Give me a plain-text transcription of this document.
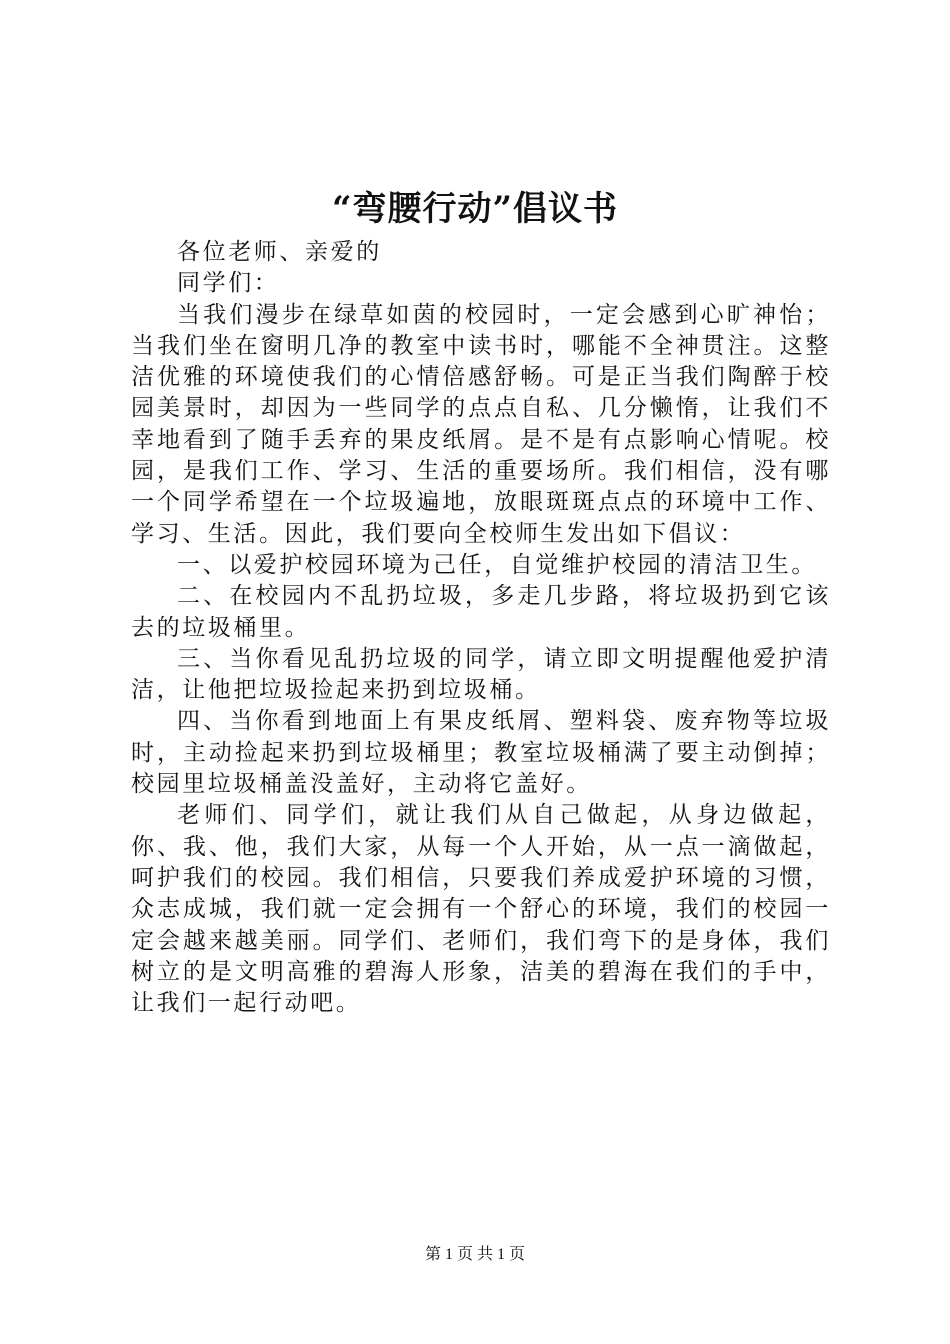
“弯腰行动”倡议书

各位老师、亲爱的

同学们：

当我们漫步在绿草如茵的校园时，一定会感到心旷神怡；当我们坐在窗明几净的教室中读书时，哪能不全神贯注。这整洁优雅的环境使我们的心情倍感舒畅。可是正当我们陶醉于校园美景时，却因为一些同学的点点自私、几分懒惰，让我们不幸地看到了随手丢弃的果皮纸屑。是不是有点影响心情呢。校园，是我们工作、学习、生活的重要场所。我们相信，没有哪一个同学希望在一个垃圾遍地，放眼斑斑点点的环境中工作、学习、生活。因此，我们要向全校师生发出如下倡议：

一、以爱护校园环境为己任，自觉维护校园的清洁卫生。

二、在校园内不乱扔垃圾，多走几步路，将垃圾扔到它该去的垃圾桶里。

三、当你看见乱扔垃圾的同学，请立即文明提醒他爱护清洁，让他把垃圾捡起来扔到垃圾桶。

四、当你看到地面上有果皮纸屑、塑料袋、废弃物等垃圾时，主动捡起来扔到垃圾桶里；教室垃圾桶满了要主动倒掉；校园里垃圾桶盖没盖好，主动将它盖好。

老师们、同学们，就让我们从自己做起，从身边做起，你、我、他，我们大家，从每一个人开始，从一点一滴做起，呵护我们的校园。我们相信，只要我们养成爱护环境的习惯，众志成城，我们就一定会拥有一个舒心的环境，我们的校园一定会越来越美丽。同学们、老师们，我们弯下的是身体，我们树立的是文明高雅的碧海人形象，洁美的碧海在我们的手中，让我们一起行动吧。

第 1 页 共 1 页
